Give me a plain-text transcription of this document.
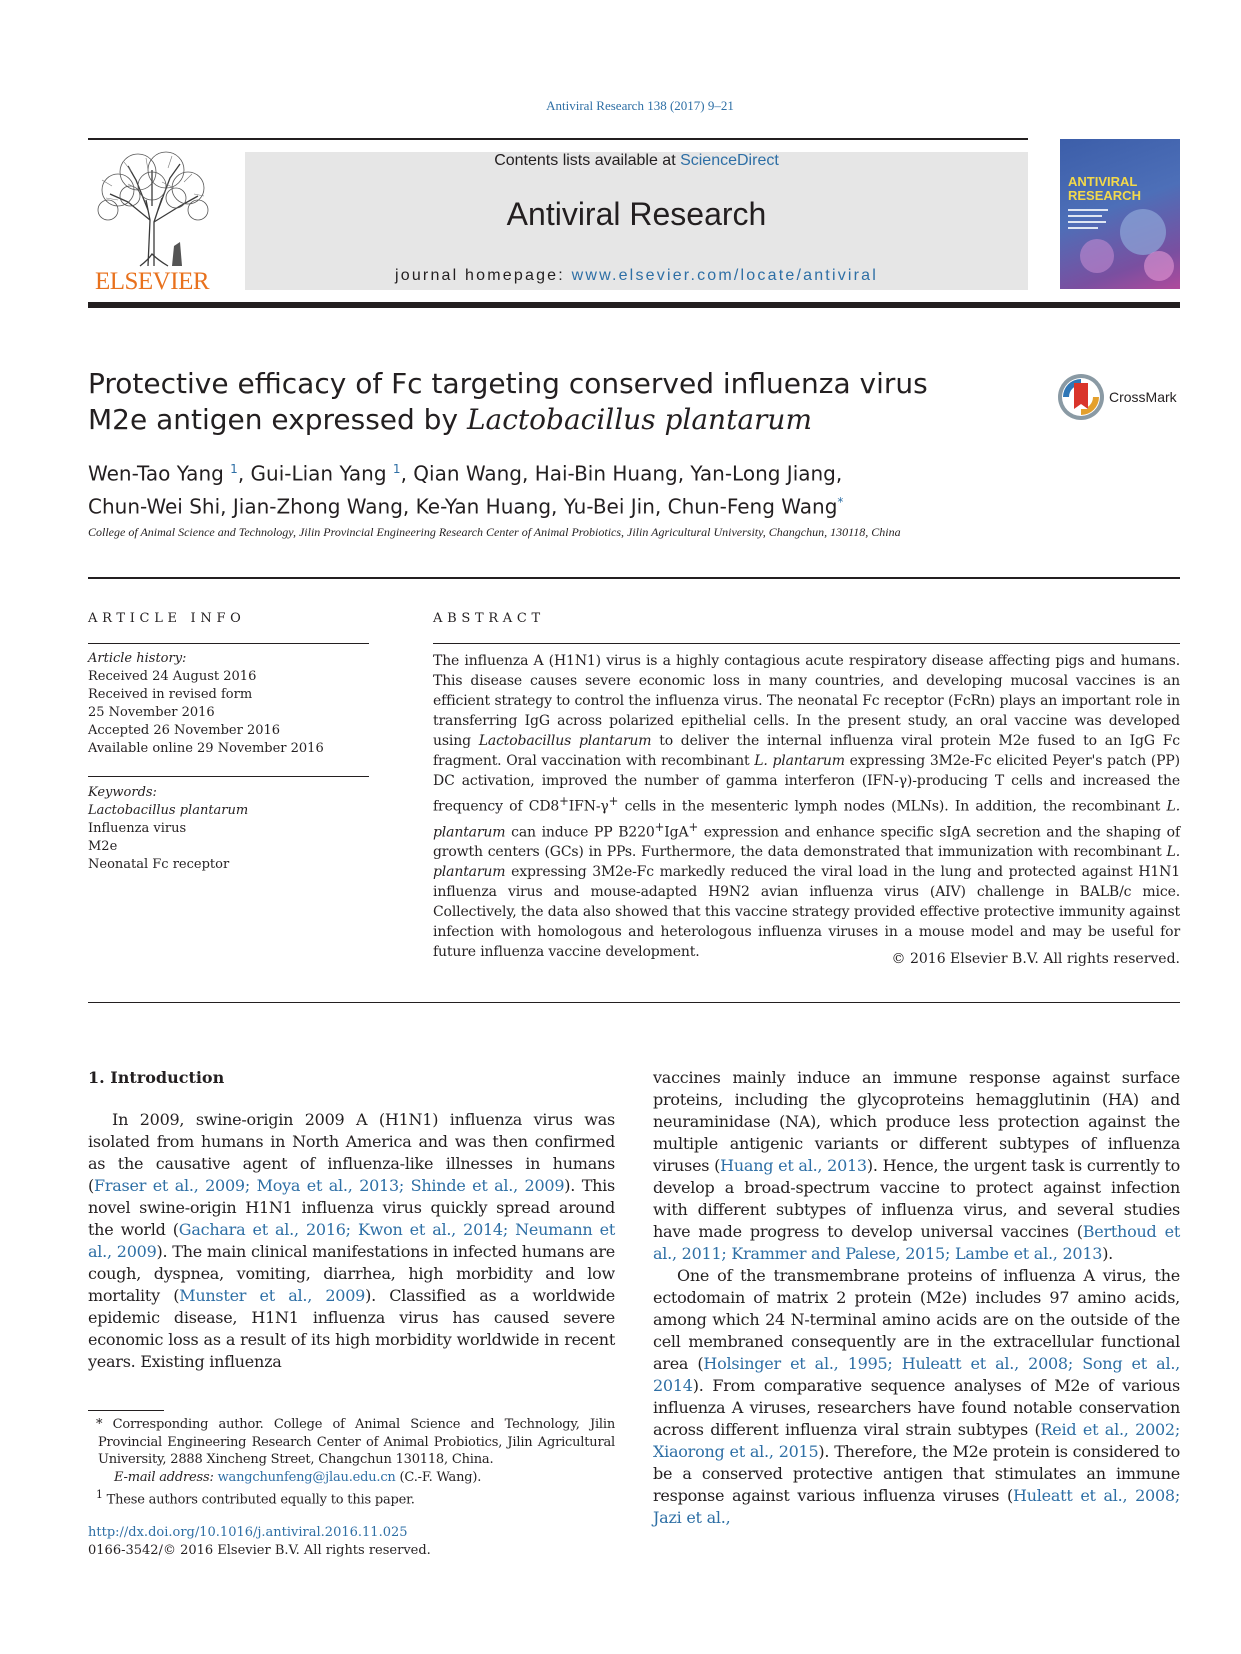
Antiviral Research 138 (2017) 9–21
ELSEVIER
Contents lists available at ScienceDirect
Antiviral Research
journal homepage: www.elsevier.com/locate/antiviral
ANTIVIRAL
RESEARCH
Protective efficacy of Fc targeting conserved influenza virus
M2e antigen expressed by Lactobacillus plantarum
CrossMark
Wen-Tao Yang $^1$, Gui-Lian Yang $^1$, Qian Wang, Hai-Bin Huang, Yan-Long Jiang,
Chun-Wei Shi, Jian-Zhong Wang, Ke-Yan Huang, Yu-Bei Jin, Chun-Feng Wang*
College of Animal Science and Technology, Jilin Provincial Engineering Research Center of Animal Probiotics, Jilin Agricultural University, Changchun, 130118, China
ARTICLE INFO
Article history:
Received 24 August 2016
Received in revised form
25 November 2016
Accepted 26 November 2016
Available online 29 November 2016
Keywords:
Lactobacillus plantarum
Influenza virus
M2e
Neonatal Fc receptor
ABSTRACT
The influenza A (H1N1) virus is a highly contagious acute respiratory disease affecting pigs and humans. This disease causes severe economic loss in many countries, and developing mucosal vaccines is an efficient strategy to control the influenza virus. The neonatal Fc receptor (FcRn) plays an important role in transferring IgG across polarized epithelial cells. In the present study, an oral vaccine was developed using Lactobacillus plantarum to deliver the internal influenza viral protein M2e fused to an IgG Fc fragment. Oral vaccination with recombinant L. plantarum expressing 3M2e-Fc elicited Peyer's patch (PP) DC activation, improved the number of gamma interferon (IFN-γ)-producing T cells and increased the frequency of CD8+IFN-γ+ cells in the mesenteric lymph nodes (MLNs). In addition, the recombinant L. plantarum can induce PP B220+IgA+ expression and enhance specific sIgA secretion and the shaping of growth centers (GCs) in PPs. Furthermore, the data demonstrated that immunization with recombinant L. plantarum expressing 3M2e-Fc markedly reduced the viral load in the lung and protected against H1N1 influenza virus and mouse-adapted H9N2 avian influenza virus (AIV) challenge in BALB/c mice. Collectively, the data also showed that this vaccine strategy provided effective protective immunity against infection with homologous and heterologous influenza viruses in a mouse model and may be useful for future influenza vaccine development.	© 2016 Elsevier B.V. All rights reserved.
1. Introduction
In 2009, swine-origin 2009 A (H1N1) influenza virus was isolated from humans in North America and was then confirmed as the causative agent of influenza-like illnesses in humans (Fraser et al., 2009; Moya et al., 2013; Shinde et al., 2009). This novel swine-origin H1N1 influenza virus quickly spread around the world (Gachara et al., 2016; Kwon et al., 2014; Neumann et al., 2009). The main clinical manifestations in infected humans are cough, dyspnea, vomiting, diarrhea, high morbidity and low mortality (Munster et al., 2009). Classified as a worldwide epidemic disease, H1N1 influenza virus has caused severe economic loss as a result of its high morbidity worldwide in recent years. Existing influenza

vaccines mainly induce an immune response against surface proteins, including the glycoproteins hemagglutinin (HA) and neuraminidase (NA), which produce less protection against the multiple antigenic variants or different subtypes of influenza viruses (Huang et al., 2013). Hence, the urgent task is currently to develop a broad-spectrum vaccine to protect against infection with different subtypes of influenza virus, and several studies have made progress to develop universal vaccines (Berthoud et al., 2011; Krammer and Palese, 2015; Lambe et al., 2013).

One of the transmembrane proteins of influenza A virus, the ectodomain of matrix 2 protein (M2e) includes 97 amino acids, among which 24 N-terminal amino acids are on the outside of the cell membraned consequently are in the extracellular functional area (Holsinger et al., 1995; Huleatt et al., 2008; Song et al., 2014). From comparative sequence analyses of M2e of various influenza A viruses, researchers have found notable conservation across different influenza viral strain subtypes (Reid et al., 2002; Xiaorong et al., 2015). Therefore, the M2e protein is considered to be a conserved protective antigen that stimulates an immune response against various influenza viruses (Huleatt et al., 2008; Jazi et al.,

* Corresponding author. College of Animal Science and Technology, Jilin Provincial Engineering Research Center of Animal Probiotics, Jilin Agricultural University, 2888 Xincheng Street, Changchun 130118, China.

E-mail address: wangchunfeng@jlau.edu.cn (C.-F. Wang).

$^1$ These authors contributed equally to this paper.

http://dx.doi.org/10.1016/j.antiviral.2016.11.025
0166-3542/© 2016 Elsevier B.V. All rights reserved.
